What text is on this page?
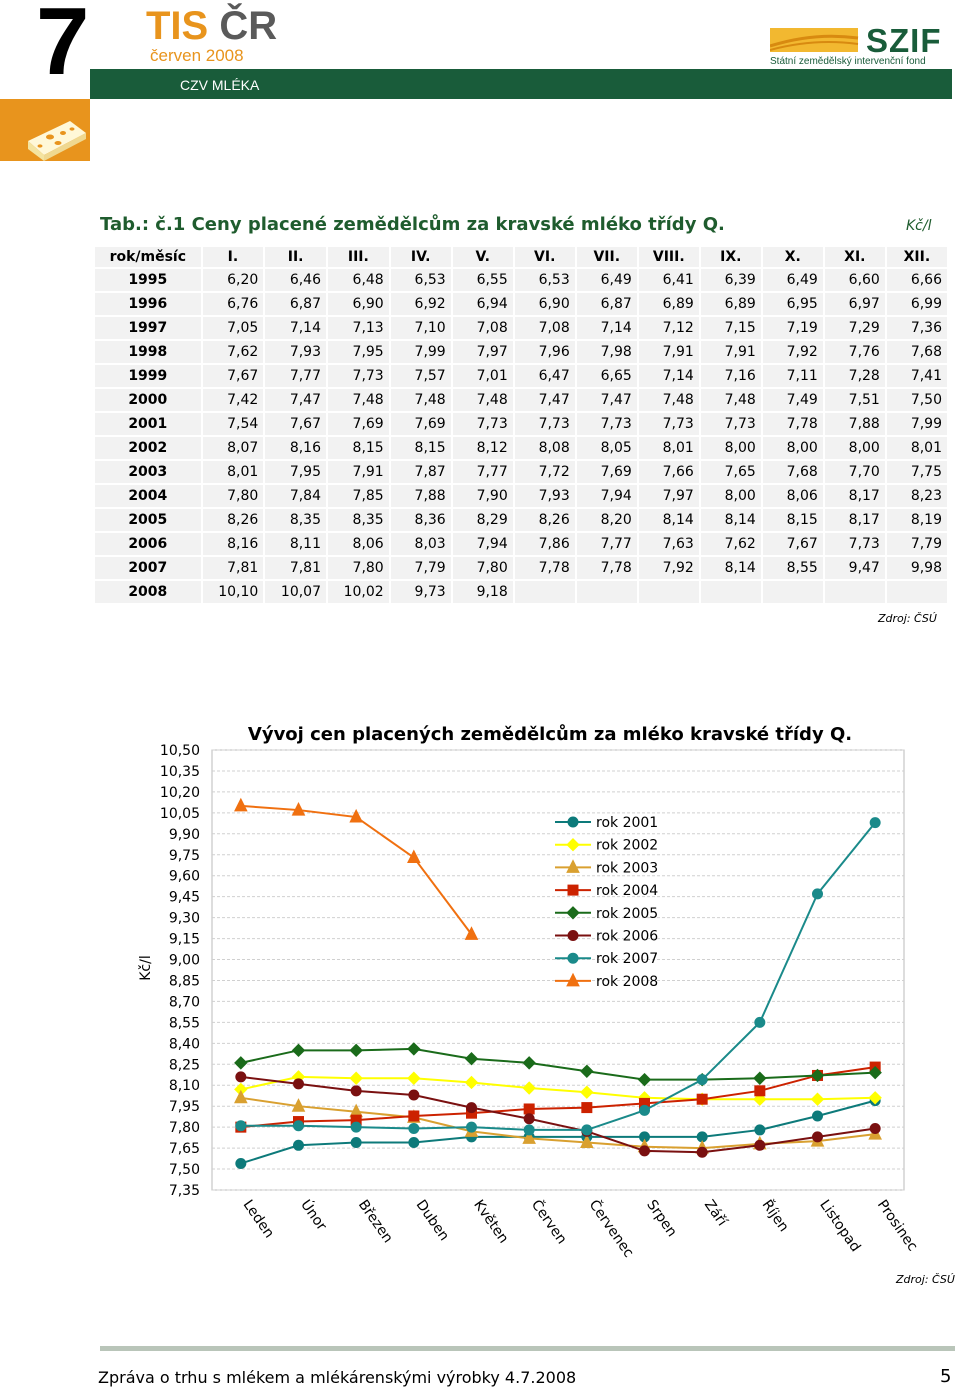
7 TIS ČR
červen 2008
CZV MLÉKA
SZIF
Státní zemědělský intervenční fond
Tab.: č.1 Ceny placené zemědělcům za kravské mléko třídy Q.	Kč/l
rok/měsíc	I.	II.	III.	IV.	V.	VI.	VII.	VIII.	IX.	X.	XI.	XII.
1995	6,20	6,46	6,48	6,53	6,55	6,53	6,49	6,41	6,39	6,49	6,60	6,66
1996	6,76	6,87	6,90	6,92	6,94	6,90	6,87	6,89	6,89	6,95	6,97	6,99
1997	7,05	7,14	7,13	7,10	7,08	7,08	7,14	7,12	7,15	7,19	7,29	7,36
1998	7,62	7,93	7,95	7,99	7,97	7,96	7,98	7,91	7,91	7,92	7,76	7,68
1999	7,67	7,77	7,73	7,57	7,01	6,47	6,65	7,14	7,16	7,11	7,28	7,41
2000	7,42	7,47	7,48	7,48	7,48	7,47	7,47	7,48	7,48	7,49	7,51	7,50
2001	7,54	7,67	7,69	7,69	7,73	7,73	7,73	7,73	7,73	7,78	7,88	7,99
2002	8,07	8,16	8,15	8,15	8,12	8,08	8,05	8,01	8,00	8,00	8,00	8,01
2003	8,01	7,95	7,91	7,87	7,77	7,72	7,69	7,66	7,65	7,68	7,70	7,75
2004	7,80	7,84	7,85	7,88	7,90	7,93	7,94	7,97	8,00	8,06	8,17	8,23
2005	8,26	8,35	8,35	8,36	8,29	8,26	8,20	8,14	8,14	8,15	8,17	8,19
2006	8,16	8,11	8,06	8,03	7,94	7,86	7,77	7,63	7,62	7,67	7,73	7,79
2007	7,81	7,81	7,80	7,79	7,80	7,78	7,78	7,92	8,14	8,55	9,47	9,98
2008	10,10	10,07	10,02	9,73	9,18							
Zdroj: ČSÚ
Vývoj cen placených zemědělcům za mléko kravské třídy Q.
10,50
10,35
10,20
10,05
9,90
9,75
9,60
9,45
9,30
9,15
9,00
8,85
8,70
8,55
8,40
8,25
8,10
7,95
7,80
7,65
7,50
7,35
Kč/l
Leden Únor Březen Duben Květen Červen Červenec Srpen Září Říjen Listopad Prosinec
rok 2001
rok 2002
rok 2003
rok 2004
rok 2005
rok 2006
rok 2007
rok 2008
Zdroj: ČSÚ
Zpráva o trhu s mlékem a mlékárenskými výrobky 4.7.2008	5
